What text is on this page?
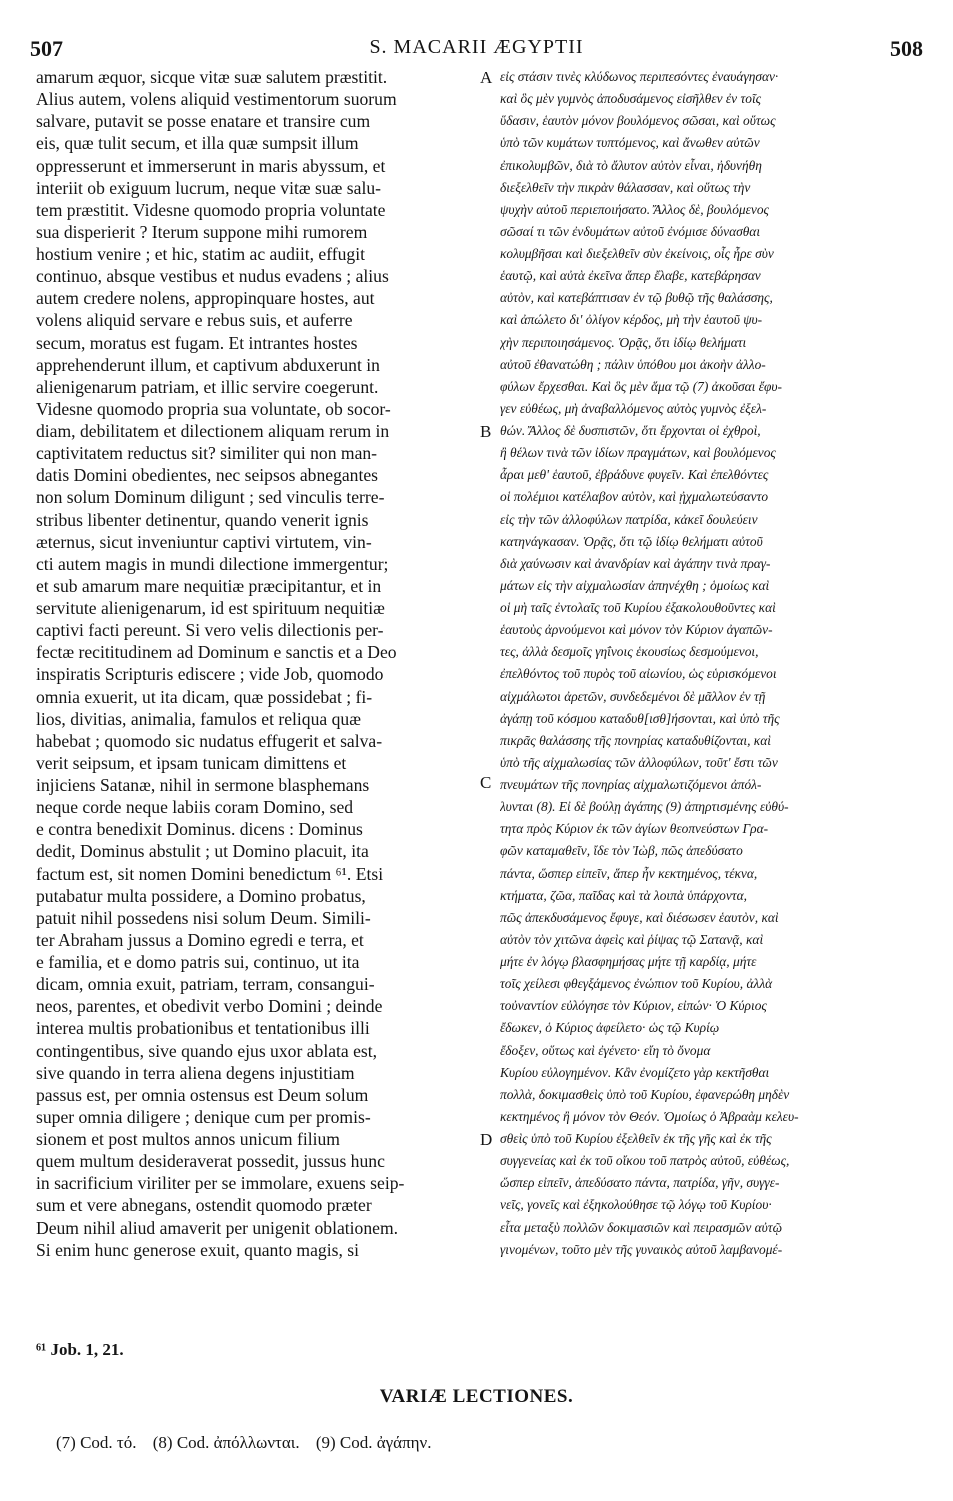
507	S. MACARII ÆGYPTII	508
amarum æquor, sicque vitæ suæ salutem præstitit.
Alius autem, volens aliquid vestimentorum suorum
salvare, putavit se posse enatare et transire cum
eis, quæ tulit secum, et illa quæ sumpsit illum
oppresserunt et immerserunt in maris abyssum, et
interiit ob exiguum lucrum, neque vitæ suæ salu-
tem præstitit. Videsne quomodo propria voluntate
sua disperierit ? Iterum suppone mihi rumorem
hostium venire ; et hic, statim ac audiit, effugit
continuo, absque vestibus et nudus evadens ; alius
autem credere nolens, appropinquare hostes, aut
volens aliquid servare e rebus suis, et auferre
secum, moratus est fugam. Et intrantes hostes
apprehenderunt illum, et captivum abduxerunt in
alienigenarum patriam, et illic servire coegerunt.
Videsne quomodo propria sua voluntate, ob socor-
diam, debilitatem et dilectionem aliquam rerum in
captivitatem reductus sit? similiter qui non man-
datis Domini obedientes, nec seipsos abnegantes
non solum Dominum diligunt ; sed vinculis terre-
stribus libenter detinentur, quando venerit ignis
æternus, sicut inveniuntur captivi virtutem, vin-
cti autem magis in mundi dilectione immergentur;
et sub amarum mare nequitiæ præcipitantur, et in
servitute alienigenarum, id est spirituum nequitiæ
captivi facti pereunt. Si vero velis dilectionis per-
fectæ recititudinem ad Dominum e sanctis et a Deo
inspiratis Scripturis ediscere ; vide Job, quomodo
omnia exuerit, ut ita dicam, quæ possidebat ; fi-
lios, divitias, animalia, famulos et reliqua quæ
habebat ; quomodo sic nudatus effugerit et salva-
verit seipsum, et ipsam tunicam dimittens et
injiciens Satanæ, nihil in sermone blasphemans
neque corde neque labiis coram Domino, sed
e contra benedixit Dominus. dicens : Dominus
dedit, Dominus abstulit ; ut Domino placuit, ita
factum est, sit nomen Domini benedictum ⁶¹. Etsi
putabatur multa possidere, a Domino probatus,
patuit nihil possedens nisi solum Deum. Simili-
ter Abraham jussus a Domino egredi e terra, et
e familia, et e domo patris sui, continuo, ut ita
dicam, omnia exuit, patriam, terram, consangui-
neos, parentes, et obedivit verbo Domini ; deinde
interea multis probationibus et tentationibus illi
contingentibus, sive quando ejus uxor ablata est,
sive quando in terra aliena degens injustitiam
passus est, per omnia ostensus est Deum solum
super omnia diligere ; denique cum per promis-
sionem et post multos annos unicum filium
quem multum desideraverat possedit, jussus hunc
in sacrificium viriliter per se immolare, exuens seip-
sum et vere abnegans, ostendit quomodo præter
Deum nihil aliud amaverit per unigenit oblationem.
Si enim hunc generose exuit, quanto magis, si
εἰς στάσιν τινὲς κλύδωνος περιπεσόντες ἐναυάγησαν·
καὶ ὃς μὲν γυμνὸς ἀποδυσάμενος εἰσῆλθεν ἐν τοῖς
ὕδασιν, ἑαυτὸν μόνον βουλόμενος σῶσαι, καὶ οὕτως
ὑπὸ τῶν κυμάτων τυπτόμενος, καὶ ἄνωθεν αὐτῶν
ἐπικολυμβῶν, διὰ τὸ ἄλυτον αὐτὸν εἶναι, ἠδυνήθη
διεξελθεῖν τὴν πικρὰν θάλασσαν, καὶ οὕτως τὴν
ψυχὴν αὐτοῦ περιεποιήσατο. Ἄλλος δὲ, βουλόμενος
σῶσαί τι τῶν ἐνδυμάτων αὐτοῦ ἐνόμισε δύνασθαι
κολυμβῆσαι καὶ διεξελθεῖν σὺν ἐκείνοις, οἷς ἦρε σὺν
ἑαυτῷ, καὶ αὐτὰ ἐκεῖνα ἅπερ ἔλαβε, κατεβάρησαν
αὐτὸν, καὶ κατεβάπτισαν ἐν τῷ βυθῷ τῆς θαλάσσης,
καὶ ἀπώλετο δι' ὀλίγον κέρδος, μὴ τὴν ἑαυτοῦ ψυ-
χὴν περιποιησάμενος. Ὁρᾷς, ὅτι ἰδίῳ θελήματι
αὐτοῦ ἐθανατώθη ; πάλιν ὑπόθου μοι ἀκοὴν ἀλλο-
φύλων ἔρχεσθαι. Καὶ ὃς μὲν ἅμα τῷ (7) ἀκοῦσαι ἔφυ-
γεν εὐθέως, μὴ ἀναβαλλόμενος αὐτὸς γυμνὸς ἐξελ-
θών. Ἄλλος δὲ δυσπιστῶν, ὅτι ἔρχονται οἱ ἐχθροὶ,
ἢ θέλων τινὰ τῶν ἰδίων πραγμάτων, καὶ βουλόμενος
ἆραι μεθ' ἑαυτοῦ, ἐβράδυνε φυγεῖν. Καὶ ἐπελθόντες
οἱ πολέμιοι κατέλαβον αὐτὸν, καὶ ᾐχμαλωτεύσαντο
εἰς τὴν τῶν ἀλλοφύλων πατρίδα, κἀκεῖ δουλεύειν
κατηνάγκασαν. Ὁρᾷς, ὅτι τῷ ἰδίῳ θελήματι αὐτοῦ
διὰ χαύνωσιν καὶ ἀνανδρίαν καὶ ἀγάπην τινὰ πραγ-
μάτων εἰς τὴν αἰχμαλωσίαν ἀπηνέχθη ; ὁμοίως καὶ
οἱ μὴ ταῖς ἐντολαῖς τοῦ Κυρίου ἐξακολουθοῦντες καὶ
ἑαυτοὺς ἀρνούμενοι καὶ μόνον τὸν Κύριον ἀγαπῶν-
τες, ἀλλὰ δεσμοῖς γηΐνοις ἑκουσίως δεσμούμενοι,
ἐπελθόντος τοῦ πυρὸς τοῦ αἰωνίου, ὡς εὑρισκόμενοι
αἰχμάλωτοι ἀρετῶν, συνδεδεμένοι δὲ μᾶλλον ἐν τῇ
ἀγάπῃ τοῦ κόσμου καταδυθ[ισθ]ήσονται, καὶ ὑπὸ τῆς
πικρᾶς θαλάσσης τῆς πονηρίας καταδυθίζονται, καὶ
ὑπὸ τῆς αἰχμαλωσίας τῶν ἀλλοφύλων, τοῦτ' ἔστι τῶν
πνευμάτων τῆς πονηρίας αἰχμαλωτιζόμενοι ἀπόλ-
λυνται (8). Εἰ δὲ βούλῃ ἀγάπης (9) ἀπηρτισμένης εὐθύ-
τητα πρὸς Κύριον ἐκ τῶν ἁγίων θεοπνεύστων Γρα-
φῶν καταμαθεῖν, ἴδε τὸν Ἰὼβ, πῶς ἀπεδύσατο
πάντα, ὥσπερ εἰπεῖν, ἅπερ ἦν κεκτημένος, τέκνα,
κτήματα, ζῶα, παῖδας καὶ τὰ λοιπὰ ὑπάρχοντα,
πῶς ἀπεκδυσάμενος ἔφυγε, καὶ διέσωσεν ἑαυτὸν, καὶ
αὐτὸν τὸν χιτῶνα ἀφεὶς καὶ ῥίψας τῷ Σατανᾷ, καὶ
μήτε ἐν λόγῳ βλασφημήσας μήτε τῇ καρδίᾳ, μήτε
τοῖς χείλεσι φθεγξάμενος ἐνώπιον τοῦ Κυρίου, ἀλλὰ
τοὐναντίον εὐλόγησε τὸν Κύριον, εἰπών· Ὁ Κύριος
ἔδωκεν, ὁ Κύριος ἀφείλετο· ὡς τῷ Κυρίῳ
ἔδοξεν, οὕτως καὶ ἐγένετο· εἴη τὸ ὄνομα
Κυρίου εὐλογημένον. Κἂν ἐνομίζετο γὰρ κεκτῆσθαι
πολλὰ, δοκιμασθεὶς ὑπὸ τοῦ Κυρίου, ἐφανερώθη μηδὲν
κεκτημένος ἢ μόνον τὸν Θεόν. Ὁμοίως ὁ Ἀβραὰμ κελευ-
σθεὶς ὑπὸ τοῦ Κυρίου ἐξελθεῖν ἐκ τῆς γῆς καὶ ἐκ τῆς
συγγενείας καὶ ἐκ τοῦ οἴκου τοῦ πατρὸς αὐτοῦ, εὐθέως,
ὥσπερ εἰπεῖν, ἀπεδύσατο πάντα, πατρίδα, γῆν, συγγε-
νεῖς, γονεῖς καὶ ἐξηκολούθησε τῷ λόγῳ τοῦ Κυρίου·
εἶτα μεταξὺ πολλῶν δοκιμασιῶν καὶ πειρασμῶν αὐτῷ
γινομένων, τοῦτο μὲν τῆς γυναικὸς αὐτοῦ λαμβανομέ-
A
B
C
D
⁶¹ Job. 1, 21.
VARIÆ LECTIONES.
(7) Cod. τό. (8) Cod. ἀπόλλωνται. (9) Cod. ἀγάπην.
